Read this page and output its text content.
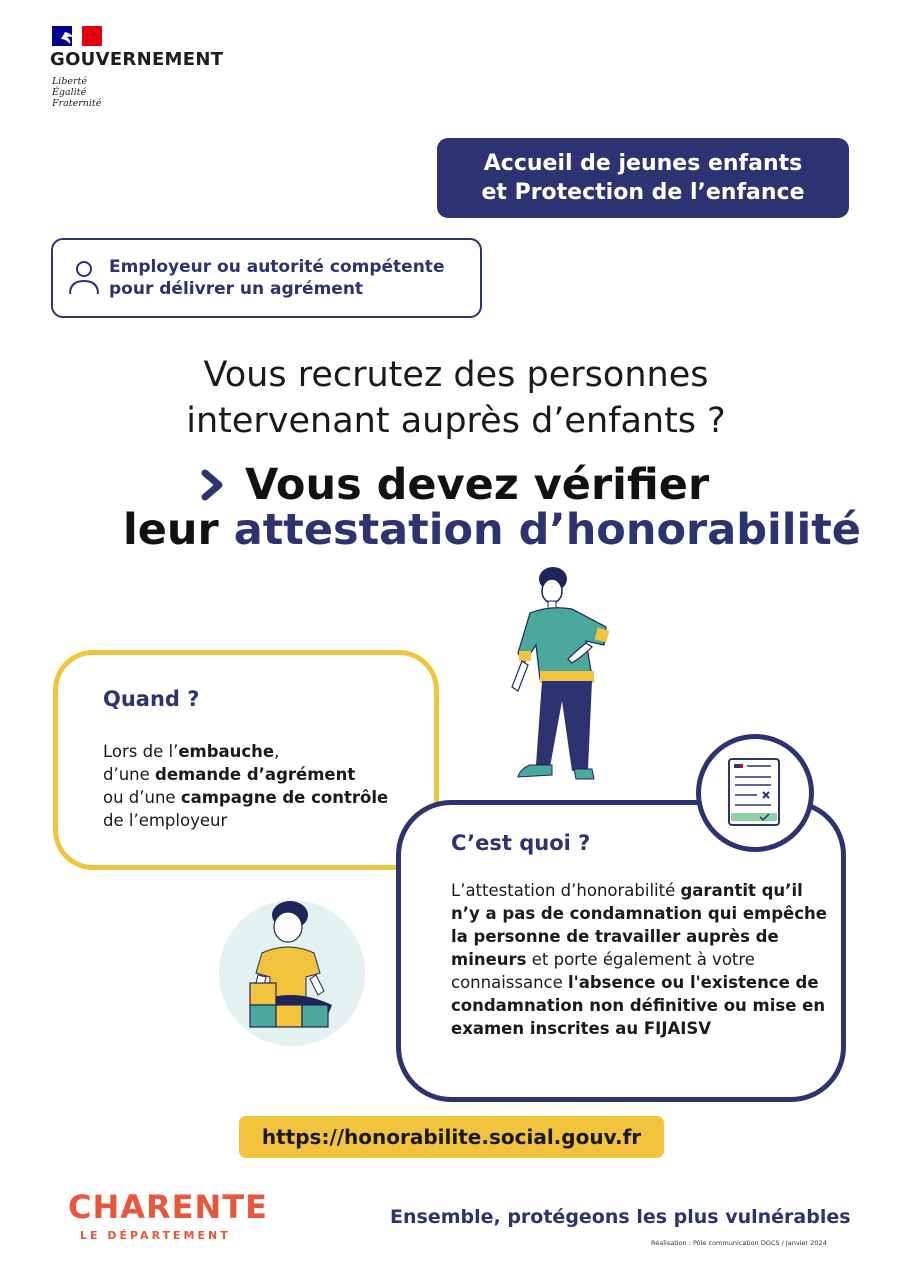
GOUVERNEMENT
Liberté
Égalité
Fraternité
Accueil de jeunes enfants
et Protection de l’enfance
Employeur ou autorité compétente
pour délivrer un agrément
Vous recrutez des personnes
intervenant auprès d’enfants ?
Vous devez vérifier
leur attestation d’honorabilité
Quand ?
Lors de l’embauche,
d’une demande d’agrément
ou d’une campagne de contrôle
de l’employeur
C’est quoi ?
L’attestation d’honorabilité garantit qu’il n’y a pas de condamnation qui empêche la personne de travailler auprès de mineurs et porte également à votre connaissance l'absence ou l'existence de condamnation non définitive ou mise en examen inscrites au FIJAISV
https://honorabilite.social.gouv.fr
CHARENTE
LE DÉPARTEMENT
Ensemble, protégeons les plus vulnérables
Réalisation : Pôle communication DGCS / Janvier 2024
